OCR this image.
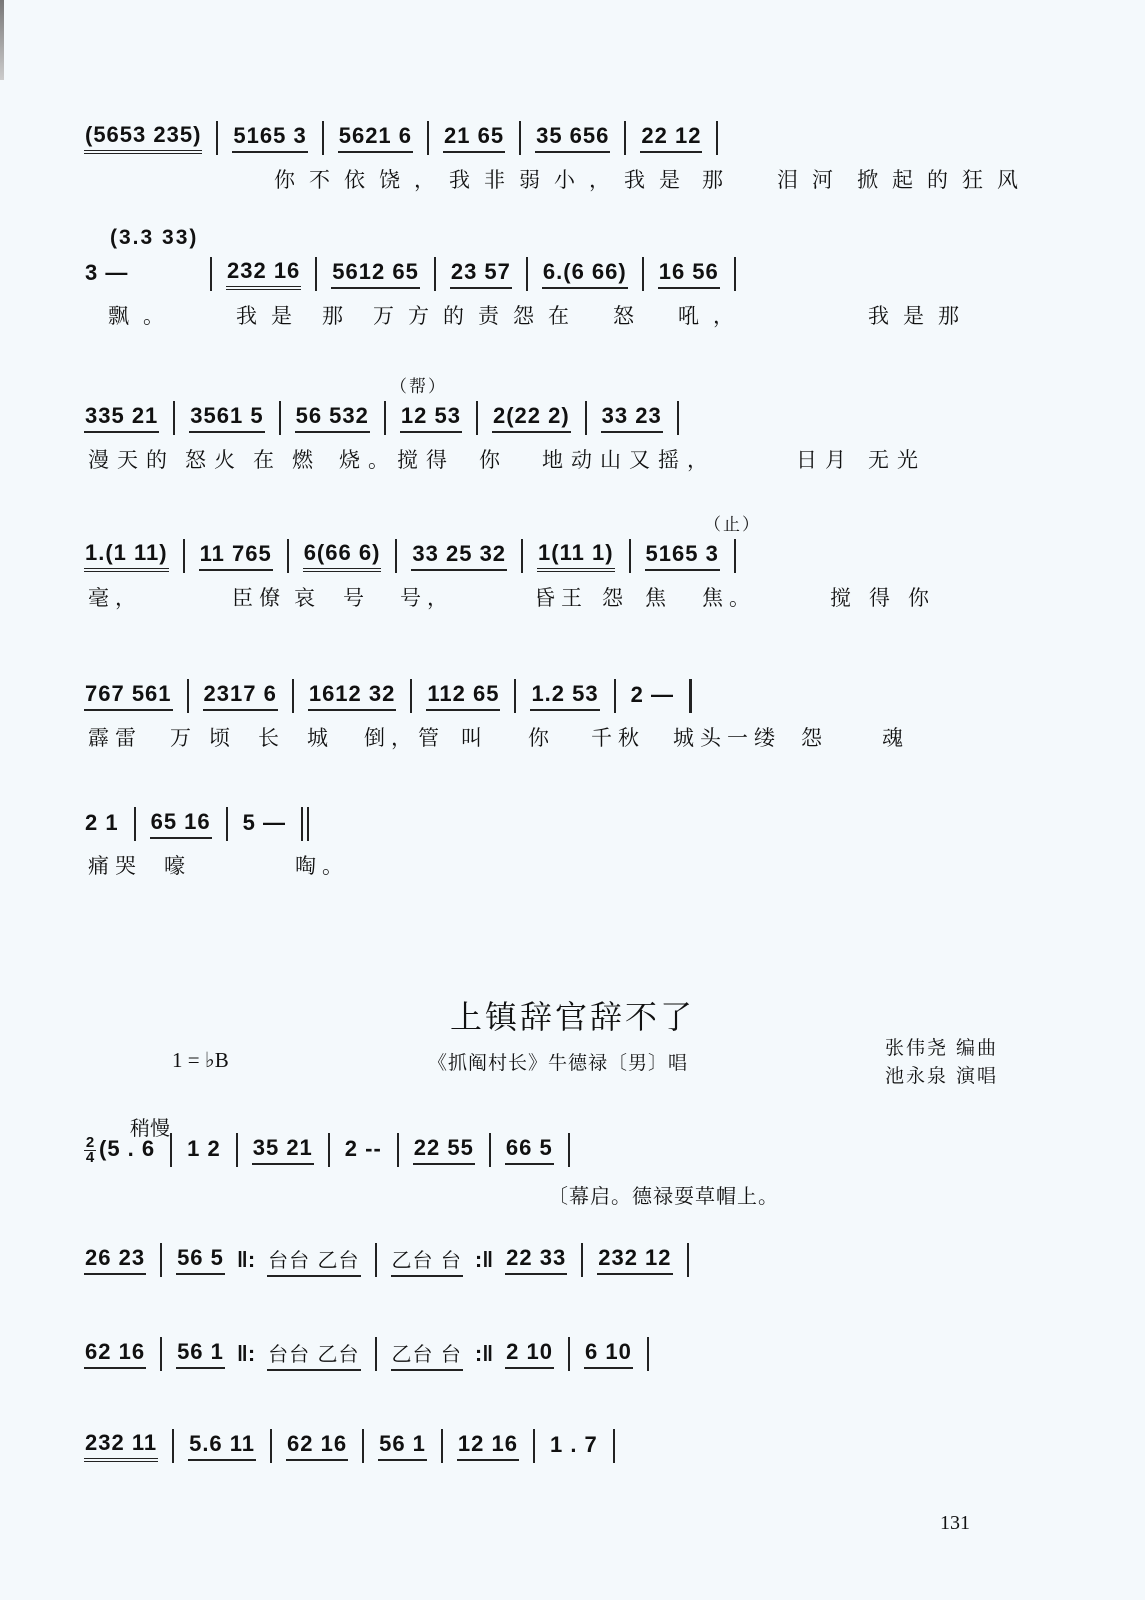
(5653 235) 5165 3 5621 6 21 65 35 656 22 12
你不依 饶，我非弱 小，我是 那 泪河 掀起的 狂风
(3.3 33)
3 —	232 16 5612 65 23 57 6.(6 66) 16 56
飘。	我是 那 万方的 责怨 在 怒 吼，	我是那
（帮）
335 21 3561 5 56 532 12 53 2(22 2) 33 23
漫天的 怒火 在 燃 烧。 搅得 你 地动 山又 摇，	日月 无光
（止）
1.(1 11) 11 765 6(66 6) 33 25 32 1(11 1) 5165 3
毫，	臣僚 哀 号 号，	昏王 怨 焦 焦。	搅 得 你
767 561 2317 6 1612 32 112 65 1.2 53 2 —
霹雷 万 顷 长 城 倒，管 叫 你 千秋 城头 一缕 怨	魂
2 1 65 16 5 —
痛哭 嚎	啕。
上镇辞官辞不了
1 = ♭B	《抓阄村长》牛德禄〔男〕唱
张伟尧 编曲
池永泉 演唱
稍慢
2
4 (5 . 6 1 2 35 21 2 -- 22 55 66 5
〔幕启。德禄耍草帽上。
26 23 56 5 ‖: 台台 乙台 乙台 台 :‖ 22 33 232 12
62 16 56 1 ‖: 台台 乙台 乙台 台 :‖ 2 10 6 10
232 11 5.6 11 62 16 56 1 12 16 1 . 7
131
